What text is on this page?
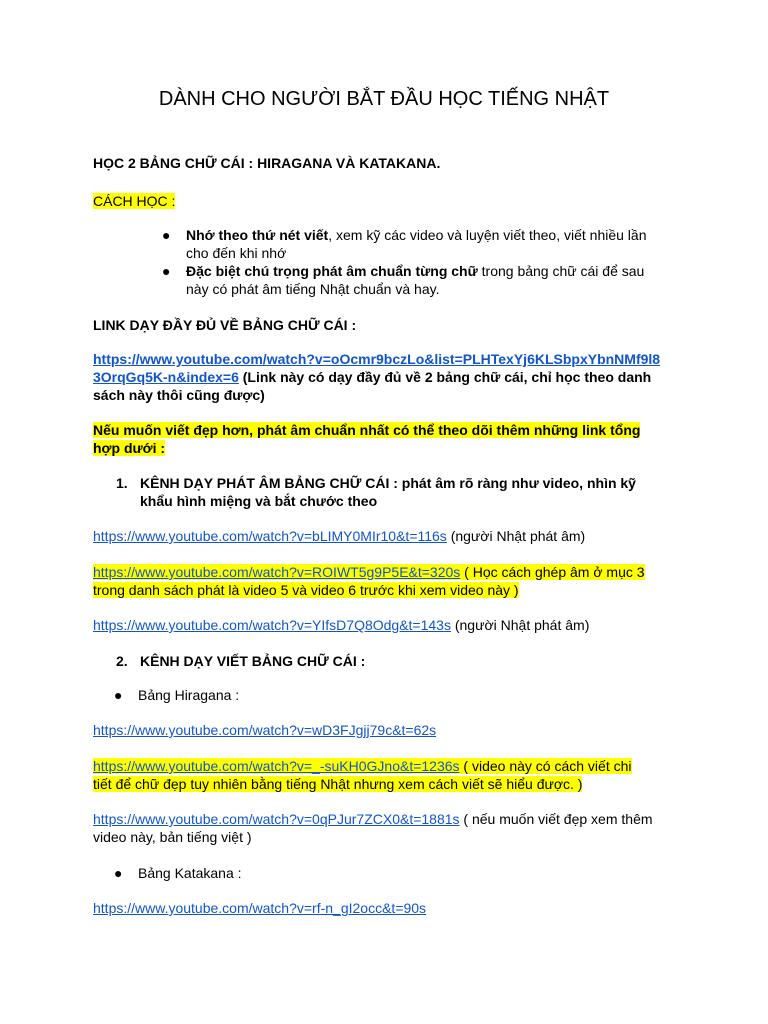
DÀNH CHO NGƯỜI BẮT ĐẦU HỌC TIẾNG NHẬT
HỌC 2 BẢNG CHỮ CÁI : HIRAGANA VÀ KATAKANA.
CÁCH HỌC :
● Nhớ theo thứ nét viết, xem kỹ các video và luyện viết theo, viết nhiều lần
cho đến khi nhớ
● Đặc biệt chú trọng phát âm chuẩn từng chữ trong bảng chữ cái để sau
này có phát âm tiếng Nhật chuẩn và hay.
LINK DẠY ĐẦY ĐỦ VỀ BẢNG CHỮ CÁI :
https://www.youtube.com/watch?v=oOcmr9bczLo&list=PLHTexYj6KLSbpxYbnNMf9l8
3OrqGq5K-n&index=6 (Link này có dạy đầy đủ về 2 bảng chữ cái, chỉ học theo danh
sách này thôi cũng được)
Nếu muốn viết đẹp hơn, phát âm chuẩn nhất có thể theo dõi thêm những link tổng
hợp dưới :
1. KÊNH DẠY PHÁT ÂM BẢNG CHỮ CÁI : phát âm rõ ràng như video, nhìn kỹ
khẩu hình miệng và bắt chước theo
https://www.youtube.com/watch?v=bLIMY0MIr10&t=116s (người Nhật phát âm)
https://www.youtube.com/watch?v=ROIWT5g9P5E&t=320s ( Học cách ghép âm ở mục 3
trong danh sách phát là video 5 và video 6 trước khi xem video này )
https://www.youtube.com/watch?v=YIfsD7Q8Odg&t=143s (người Nhật phát âm)
2. KÊNH DẠY VIẾT BẢNG CHỮ CÁI :
● Bảng Hiragana :
https://www.youtube.com/watch?v=wD3FJgjj79c&t=62s
https://www.youtube.com/watch?v=_-suKH0GJno&t=1236s ( video này có cách viết chi
tiết để chữ đẹp tuy nhiên bằng tiếng Nhật nhưng xem cách viết sẽ hiểu được. )
https://www.youtube.com/watch?v=0qPJur7ZCX0&t=1881s ( nếu muốn viết đẹp xem thêm
video này, bản tiếng việt )
● Bảng Katakana :
https://www.youtube.com/watch?v=rf-n_gI2occ&t=90s
